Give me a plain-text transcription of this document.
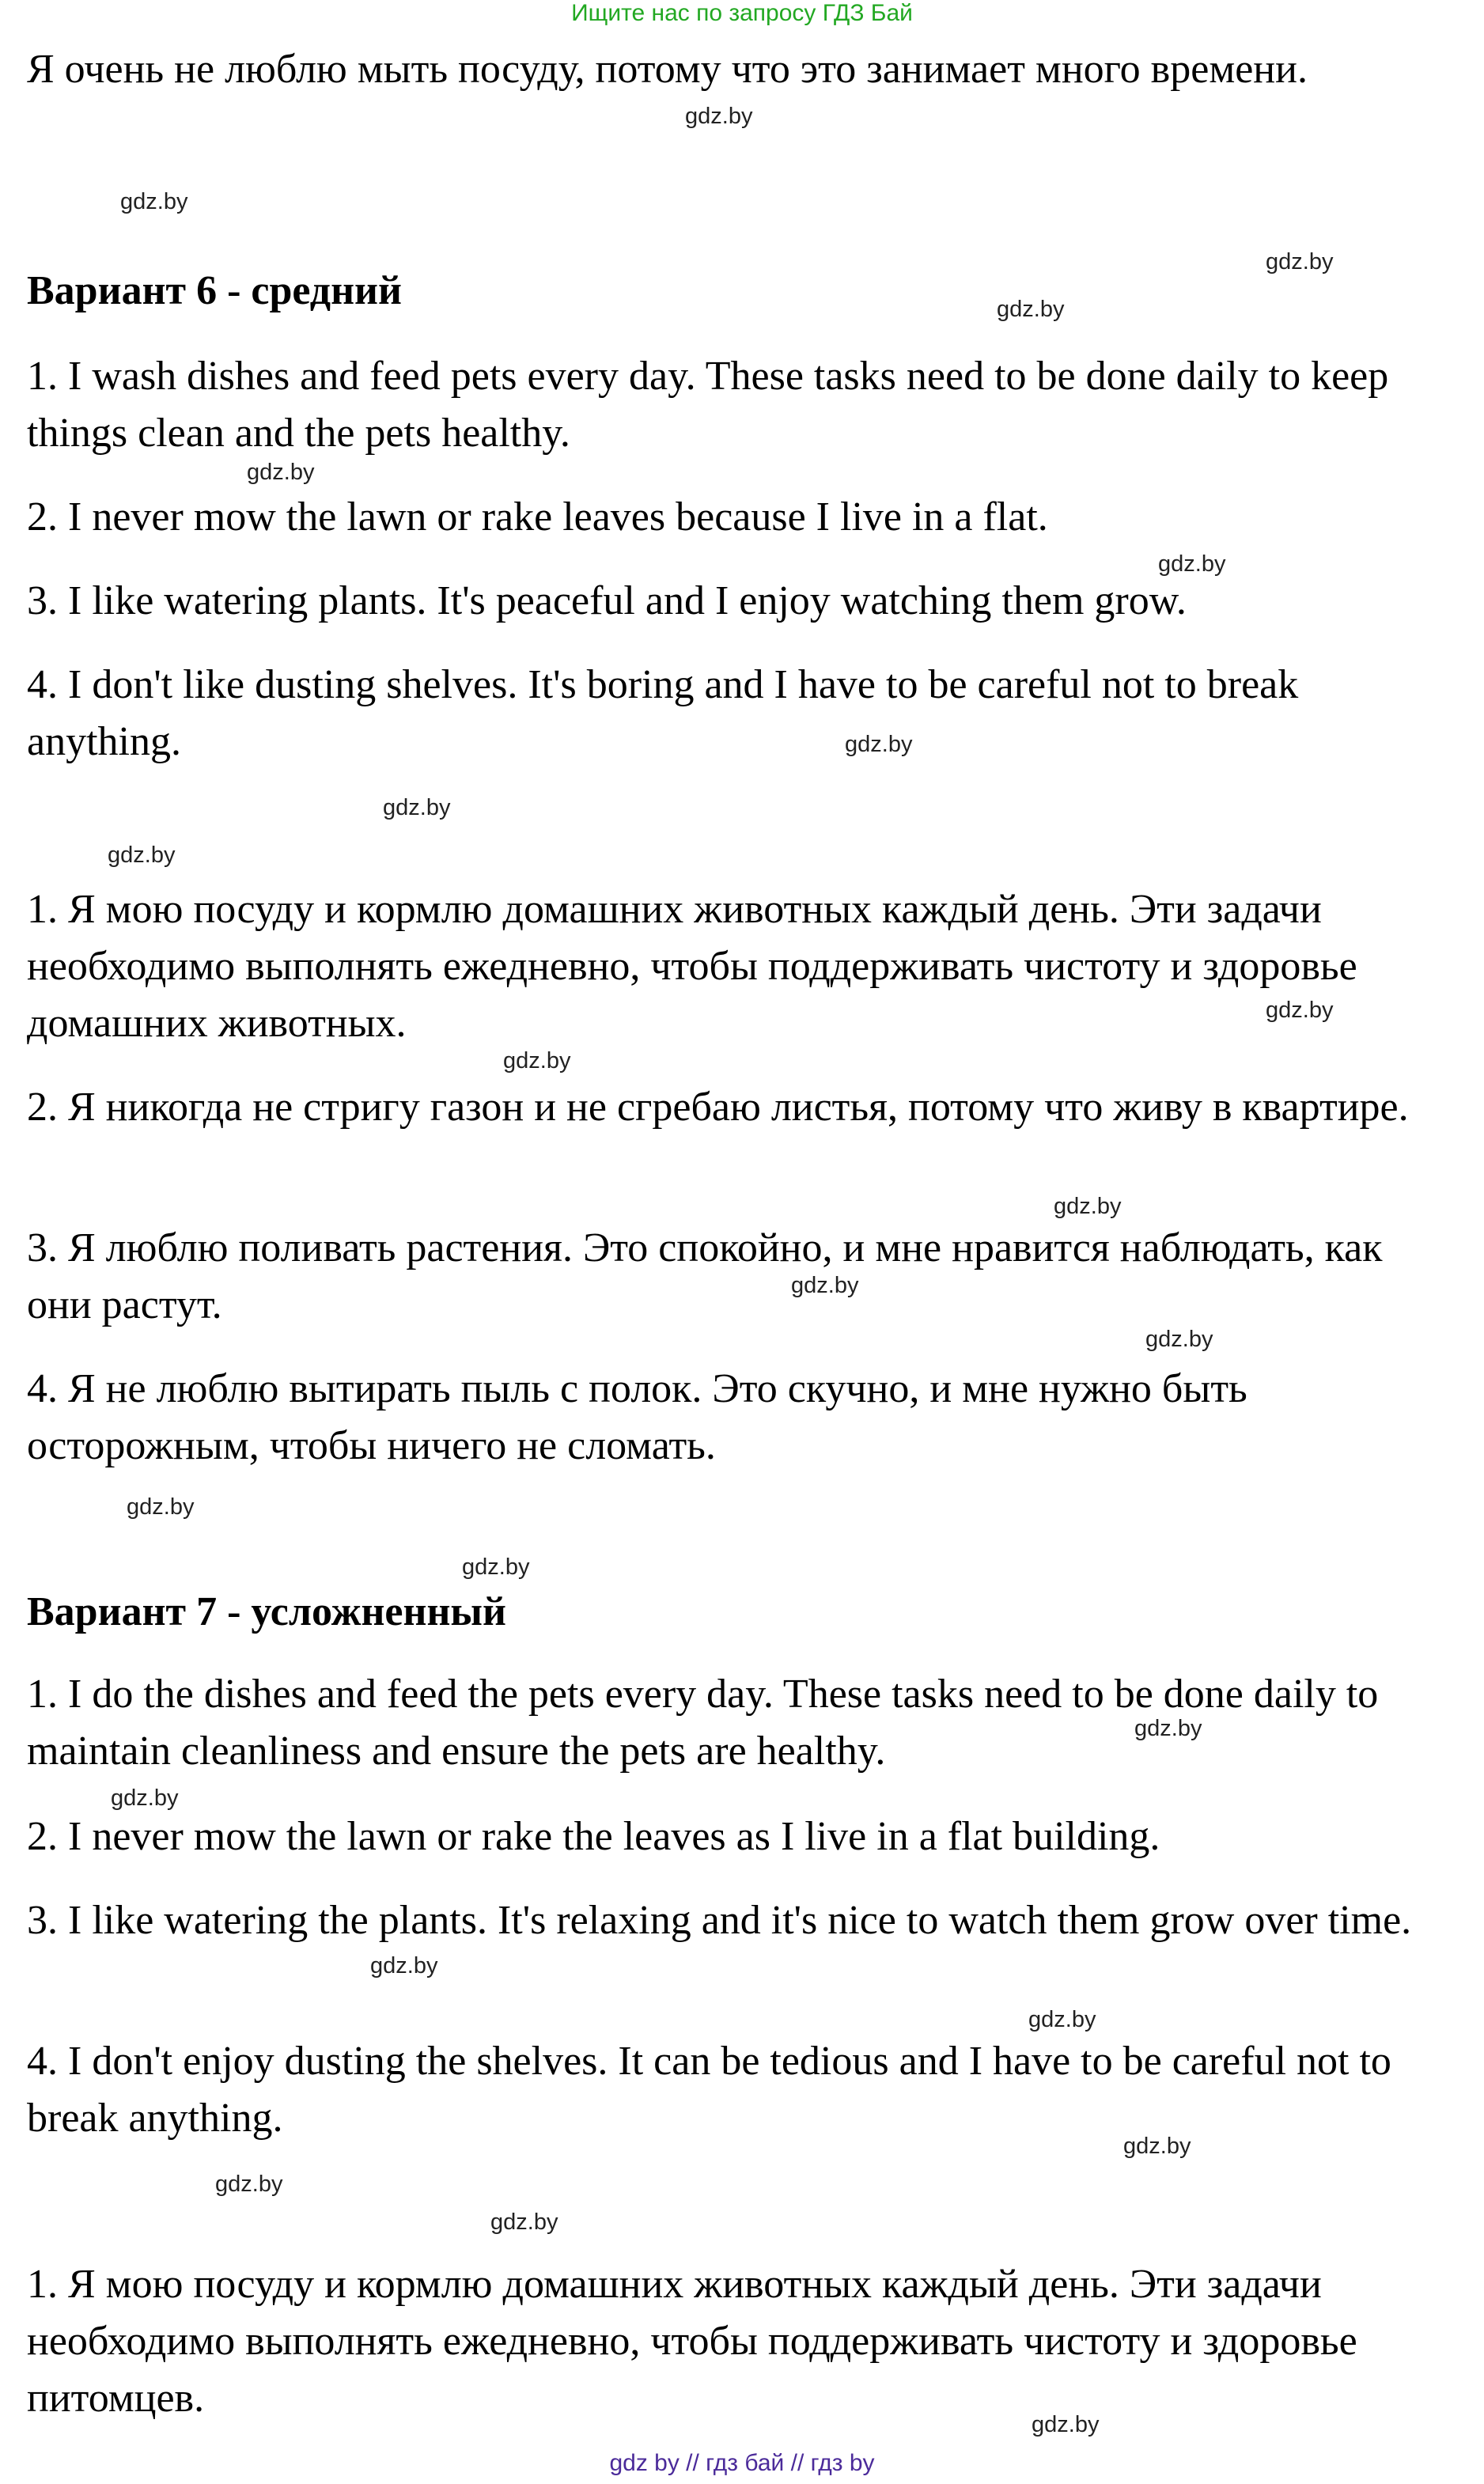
Ищите нас по запросу ГДЗ Бай

Я очень не люблю мыть посуду, потому что это занимает много времени.

Вариант 6 - средний

1. I wash dishes and feed pets every day. These tasks need to be done daily to keep things clean and the pets healthy.

2. I never mow the lawn or rake leaves because I live in a flat.

3. I like watering plants. It's peaceful and I enjoy watching them grow.

4. I don't like dusting shelves. It's boring and I have to be careful not to break anything.

1. Я мою посуду и кормлю домашних животных каждый день. Эти задачи необходимо выполнять ежедневно, чтобы поддерживать чистоту и здоровье домашних животных.

2. Я никогда не стригу газон и не сгребаю листья, потому что живу в квартире.

3. Я люблю поливать растения. Это спокойно, и мне нравится наблюдать, как они растут.

4. Я не люблю вытирать пыль с полок. Это скучно, и мне нужно быть осторожным, чтобы ничего не сломать.

Вариант 7 - усложненный

1. I do the dishes and feed the pets every day. These tasks need to be done daily to maintain cleanliness and ensure the pets are healthy.

2. I never mow the lawn or rake the leaves as I live in a flat building.

3. I like watering the plants. It's relaxing and it's nice to watch them grow over time.

4. I don't enjoy dusting the shelves. It can be tedious and I have to be careful not to break anything.

1. Я мою посуду и кормлю домашних животных каждый день. Эти задачи необходимо выполнять ежедневно, чтобы поддерживать чистоту и здоровье питомцев.

gdz.by
gdz.by
gdz.by
gdz.by
gdz.by
gdz.by
gdz.by
gdz.by
gdz.by
gdz.by
gdz.by
gdz.by
gdz.by
gdz.by
gdz.by
gdz.by
gdz.by
gdz.by
gdz.by
gdz.by
gdz.by
gdz.by
gdz.by
gdz.by
gdz by // гдз бай // гдз by
